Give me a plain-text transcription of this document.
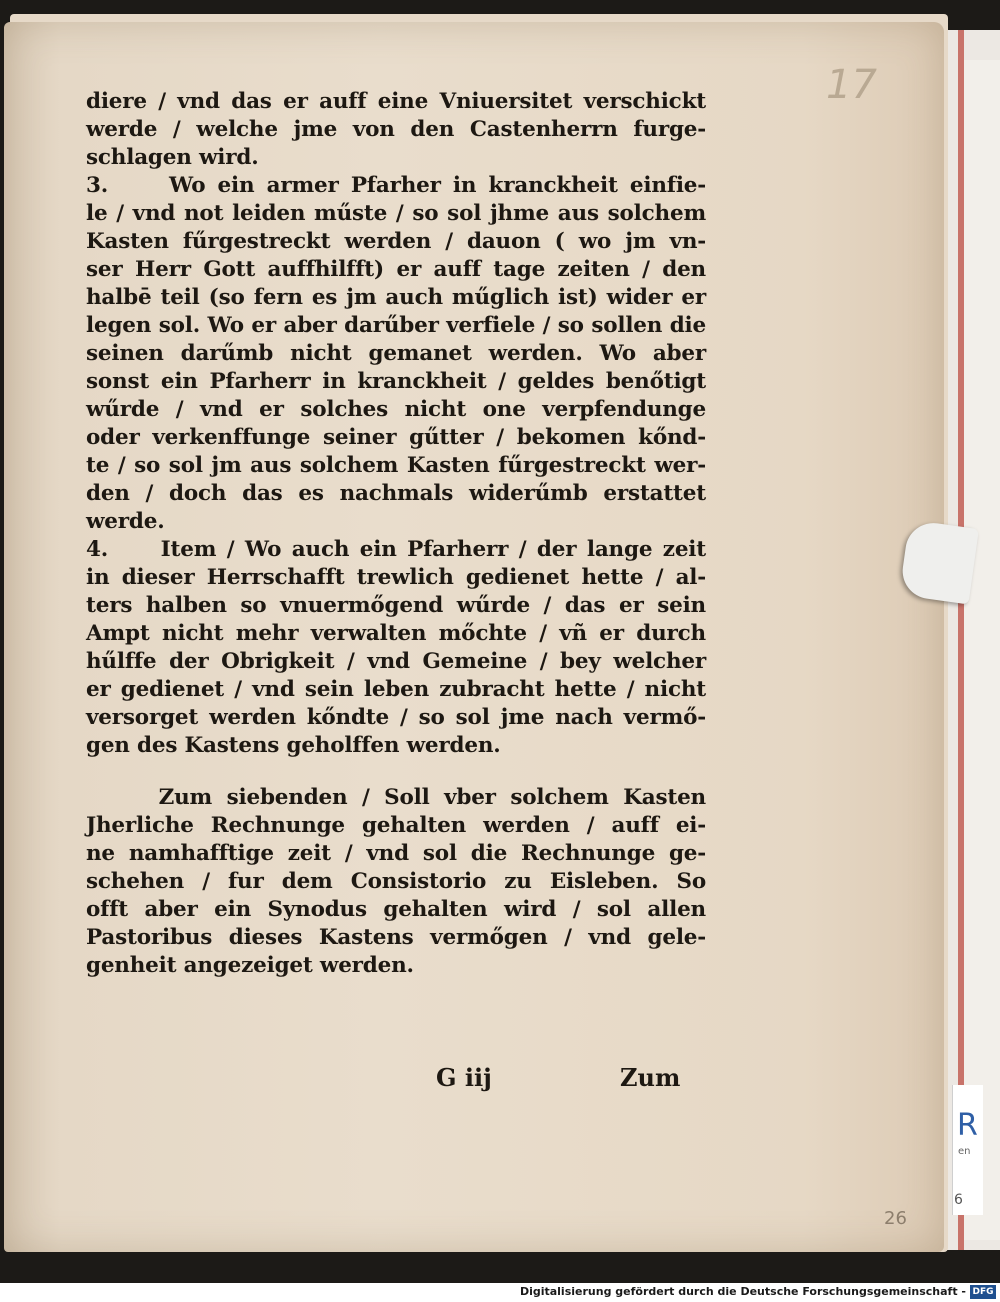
R
en
6
17
26
diere / vnd das er auff eine Vniuersitet verschickt
werde / welche jme von den Castenherrn furge-
schlagen wird.
3.     Wo ein armer Pfarher in kranckheit einfie-
le / vnd not leiden műste / so sol jhme aus solchem
Kasten fűrgestreckt werden / dauon ( wo jm vn-
ser Herr Gott auffhilfft) er auff tage zeiten / den
halbē teil (so fern es jm auch műglich ist) wider er
legen sol. Wo er aber darűber verfiele / so sollen die
seinen darűmb nicht gemanet werden. Wo aber
sonst ein Pfarherr in kranckheit / geldes benőtigt
wűrde / vnd er solches nicht one verpfendunge
oder verkenffunge seiner gűtter / bekomen kőnd-
te / so sol jm aus solchem Kasten fűrgestreckt wer-
den / doch das es nachmals widerűmb erstattet
werde.
4.     Item / Wo auch ein Pfarherr / der lange zeit
in dieser Herrschafft trewlich gedienet hette / al-
ters halben so vnuermőgend wűrde / das er sein
Ampt nicht mehr verwalten mőchte / vñ er durch
hűlffe der Obrigkeit / vnd Gemeine / bey welcher
er gedienet / vnd sein leben zubracht hette / nicht
versorget werden kőndte / so sol jme nach vermő-
gen des Kastens geholffen werden.
Zum siebenden / Soll vber solchem Kasten
Jherliche Rechnunge gehalten werden / auff ei-
ne namhafftige zeit / vnd sol die Rechnunge ge-
schehen / fur dem Consistorio zu Eisleben. So
offt aber ein Synodus gehalten wird / sol allen
Pastoribus dieses Kastens vermőgen / vnd gele-
genheit angezeiget werden.
G iij	Zum
Digitalisierung gefördert durch die Deutsche Forschungsgemeinschaft - DFG
